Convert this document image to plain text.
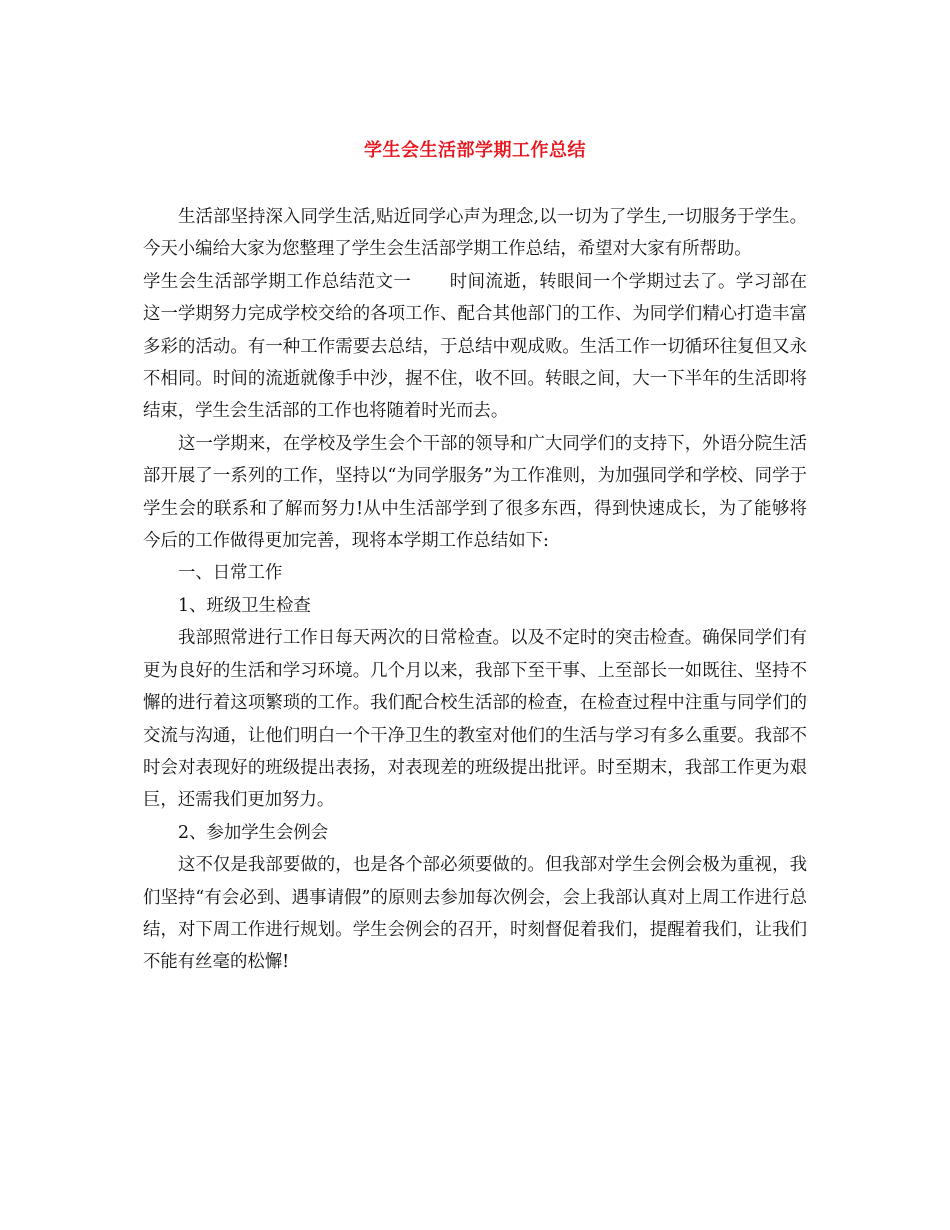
学生会生活部学期工作总结

生活部坚持深入同学生活,贴近同学心声为理念,以一切为了学生,一切服务于学生。今天小编给大家为您整理了学生会生活部学期工作总结，希望对大家有所帮助。

学生会生活部学期工作总结范文一 时间流逝，转眼间一个学期过去了。学习部在这一学期努力完成学校交给的各项工作、配合其他部门的工作、为同学们精心打造丰富多彩的活动。有一种工作需要去总结，于总结中观成败。生活工作一切循环往复但又永不相同。时间的流逝就像手中沙，握不住，收不回。转眼之间，大一下半年的生活即将结束，学生会生活部的工作也将随着时光而去。

这一学期来，在学校及学生会个干部的领导和广大同学们的支持下，外语分院生活部开展了一系列的工作，坚持以“为同学服务”为工作准则，为加强同学和学校、同学于学生会的联系和了解而努力!从中生活部学到了很多东西，得到快速成长，为了能够将今后的工作做得更加完善，现将本学期工作总结如下:

一、日常工作

1、班级卫生检查

我部照常进行工作日每天两次的日常检查。以及不定时的突击检查。确保同学们有更为良好的生活和学习环境。几个月以来，我部下至干事、上至部长一如既往、坚持不懈的进行着这项繁琐的工作。我们配合校生活部的检查，在检查过程中注重与同学们的交流与沟通，让他们明白一个干净卫生的教室对他们的生活与学习有多么重要。我部不时会对表现好的班级提出表扬，对表现差的班级提出批评。时至期末，我部工作更为艰巨，还需我们更加努力。

2、参加学生会例会

这不仅是我部要做的，也是各个部必须要做的。但我部对学生会例会极为重视，我们坚持“有会必到、遇事请假”的原则去参加每次例会，会上我部认真对上周工作进行总结，对下周工作进行规划。学生会例会的召开，时刻督促着我们，提醒着我们，让我们不能有丝毫的松懈!
